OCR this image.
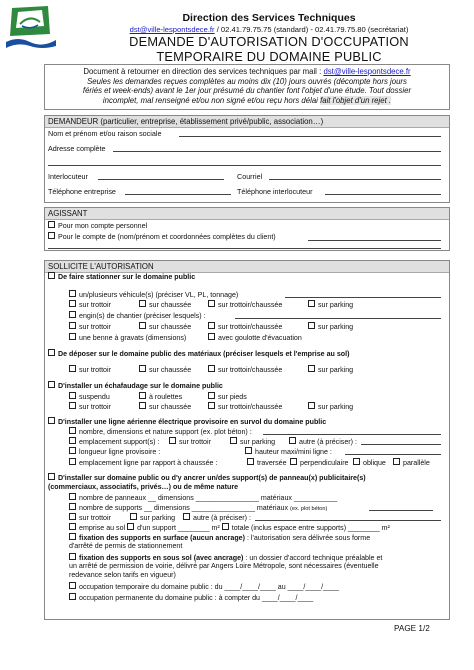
Direction des Services Techniques
dst@ville-lespontsdece.fr / 02.41.79.75.75 (standard) - 02.41.79.75.80 (secrétariat)
DEMANDE D'AUTORISATION D'OCCUPATION
TEMPORAIRE DU DOMAINE PUBLIC
Document à retourner en direction des services techniques par mail : dst@ville-lespontsdece.fr
Seules les demandes reçues complètes au moins dix (10) jours ouvrés (décompte hors jours
fériés et week-ends) avant le 1er jour présumé du chantier font l'objet d'une étude. Tout dossier
incomplet, mal renseigné et/ou non signé et/ou reçu hors délai fait l'objet d'un rejet .
DEMANDEUR (particulier, entreprise, établissement privé/public, association…)
Nom et prénom et/ou raison sociale
Adresse complète
Interlocuteur	Courriel
Téléphone entreprise	Téléphone interlocuteur
AGISSANT
Pour mon compte personnel
Pour le compte de (nom/prénom et coordonnées complètes du client)
SOLLICITE L'AUTORISATION
De faire stationner sur le domaine public
un/plusieurs véhicule(s) (préciser VL, PL, tonnage)
sur trottoir	sur chaussée	sur trottoir/chaussée	sur parking
engin(s) de chantier (préciser lesquels) :
sur trottoir	sur chaussée	sur trottoir/chaussée	sur parking
une benne à gravats (dimensions)	avec goulotte d'évacuation
De déposer sur le domaine public des matériaux (préciser lesquels et l'emprise au sol)
sur trottoir	sur chaussée	sur trottoir/chaussée	sur parking
D'installer un échafaudage sur le domaine public
suspendu	à roulettes	sur pieds
sur trottoir	sur chaussée	sur trottoir/chaussée	sur parking
D'installer une ligne aérienne électrique provisoire en survol du domaine public
nombre, dimensions et nature support (ex. plot béton) :
emplacement support(s) :	sur trottoir	sur parking	autre (à préciser) :
longueur ligne provisoire :	hauteur maxi/mini ligne :
emplacement ligne par rapport à chaussée :	traversée	perpendiculaire	oblique	parallèle
D'installer sur domaine public ou d'y ancrer un/des support(s) de panneau(x) publicitaire(s)
(commerciaux, associatifs, privés…) ou de même nature
nombre de panneaux __ dimensions ________________ matériaux ___________
nombre de supports __ dimensions ________________ matériaux (ex. plot béton)
sur trottoir	sur parking	autre (à préciser) :
emprise au sol d'un support ________ m² totale (inclus espace entre supports) ________ m²
fixation des supports en surface (aucun ancrage) : l'autorisation sera délivrée sous forme
d'arrêté de permis de stationnement
fixation des supports en sous sol (avec ancrage) : un dossier d'accord technique préalable et
un arrêté de permission de voirie, délivré par Angers Loire Métropole, sont nécessaires (éventuelle
redevance selon tarifs en vigueur)
occupation temporaire du domaine public : du ____/____/____ au ____/____/____
occupation permanente du domaine public : à compter du ____/____/____
PAGE 1/2
